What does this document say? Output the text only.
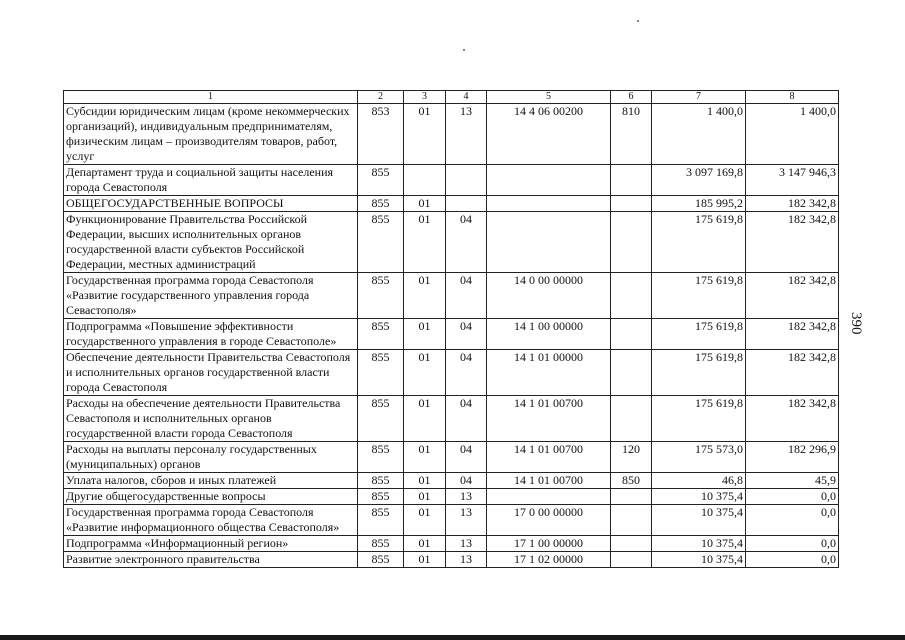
390
1	2	3	4	5	6	7	8
Субсидии юридическим лицам (кроме некоммерческих организаций), индивидуальным предпринимателям, физическим лицам – производителям товаров, работ, услуг	853	01	13	14 4 06 00200	810	1 400,0	1 400,0
Департамент труда и социальной защиты населения города Севастополя	855					3 097 169,8	3 147 946,3
ОБЩЕГОСУДАРСТВЕННЫЕ ВОПРОСЫ	855	01				185 995,2	182 342,8
Функционирование Правительства Российской Федерации, высших исполнительных органов государственной власти субъектов Российской Федерации, местных администраций	855	01	04			175 619,8	182 342,8
Государственная программа города Севастополя «Развитие государственного управления города Севастополя»	855	01	04	14 0 00 00000		175 619,8	182 342,8
Подпрограмма «Повышение эффективности государственного управления в городе Севастополе»	855	01	04	14 1 00 00000		175 619,8	182 342,8
Обеспечение деятельности Правительства Севастополя и исполнительных органов государственной власти города Севастополя	855	01	04	14 1 01 00000		175 619,8	182 342,8
Расходы на обеспечение деятельности Правительства Севастополя и исполнительных органов государственной власти города Севастополя	855	01	04	14 1 01 00700		175 619,8	182 342,8
Расходы на выплаты персоналу государственных (муниципальных) органов	855	01	04	14 1 01 00700	120	175 573,0	182 296,9
Уплата налогов, сборов и иных платежей	855	01	04	14 1 01 00700	850	46,8	45,9
Другие общегосударственные вопросы	855	01	13			10 375,4	0,0
Государственная программа города Севастополя «Развитие информационного общества Севастополя»	855	01	13	17 0 00 00000		10 375,4	0,0
Подпрограмма «Информационный регион»	855	01	13	17 1 00 00000		10 375,4	0,0
Развитие электронного правительства	855	01	13	17 1 02 00000		10 375,4	0,0
